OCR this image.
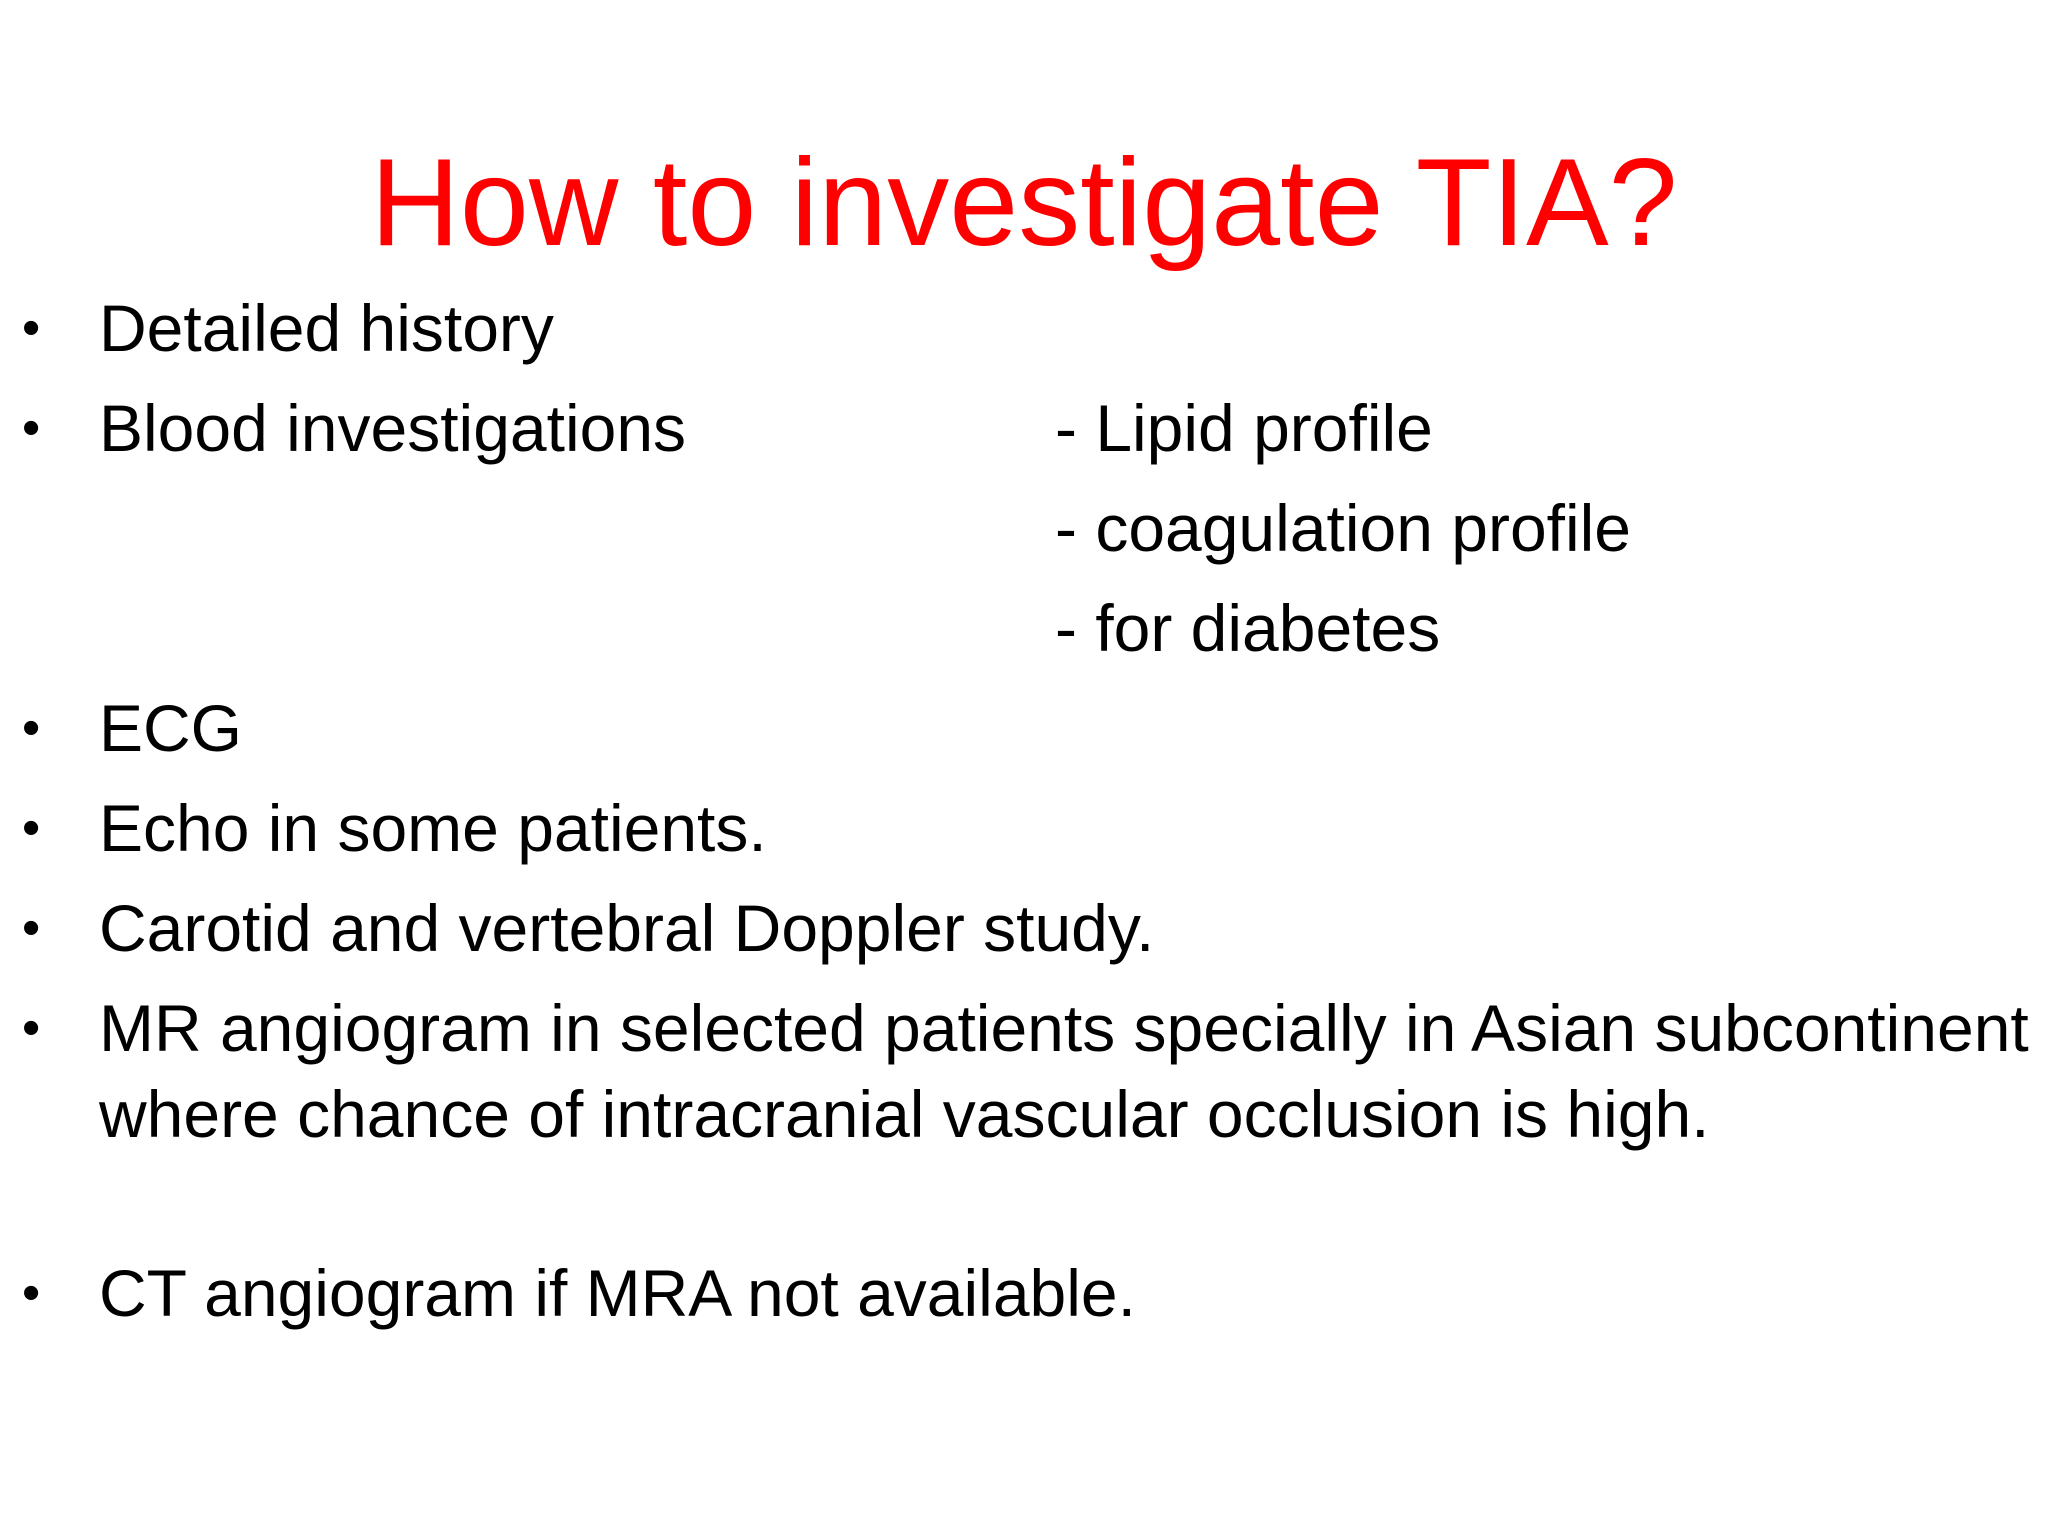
How to investigate TIA?
• Detailed history
• Blood investigations
• ECG
• Echo in some patients.
• Carotid and vertebral Doppler study.
• MR angiogram in selected patients specially in Asian subcontinent where chance of intracranial vascular occlusion is high.
• CT angiogram if MRA not available.
- Lipid profile
- coagulation profile
- for diabetes
